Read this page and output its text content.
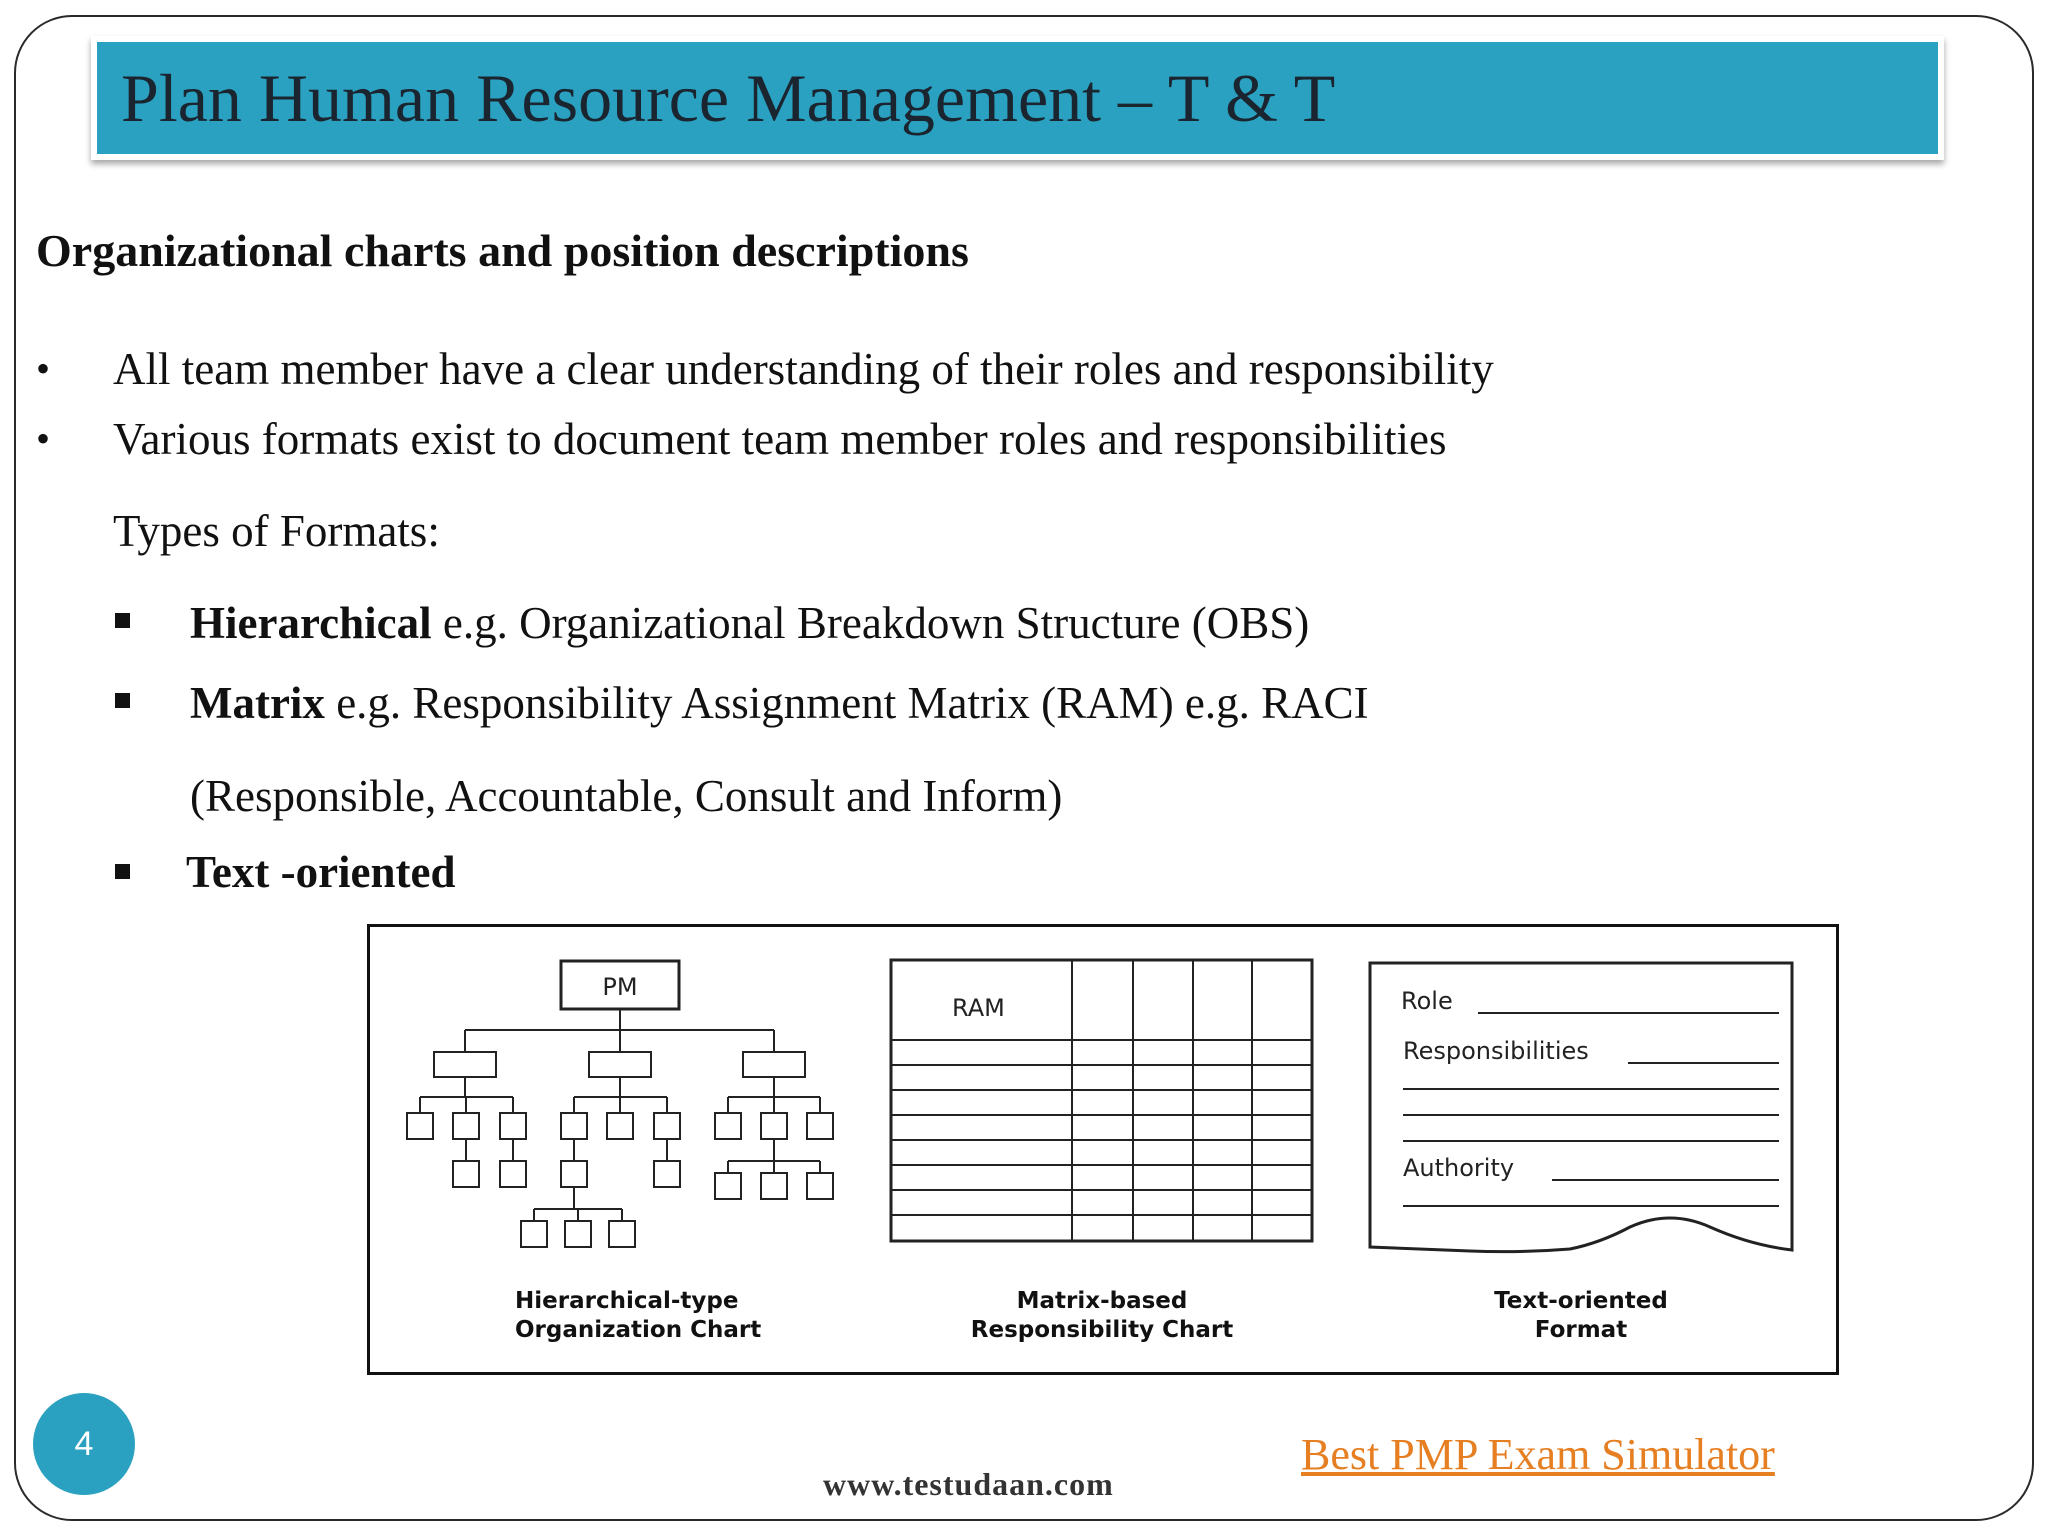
Plan Human Resource Management – T & T
Organizational charts and position descriptions
• All team member have a clear understanding of their roles and responsibility
• Various formats exist to document team member roles and responsibilities
Types of Formats:
Hierarchical e.g. Organizational Breakdown Structure (OBS)
Matrix e.g. Responsibility Assignment Matrix (RAM) e.g. RACI
(Responsible, Accountable, Consult and Inform)
Text -oriented
PM
RAM	Role
Responsibilities
Authority
Hierarchical-type
Organization Chart
Matrix-based
Responsibility Chart
Text-oriented
Format
4
www.testudaan.com
Best PMP Exam Simulator
